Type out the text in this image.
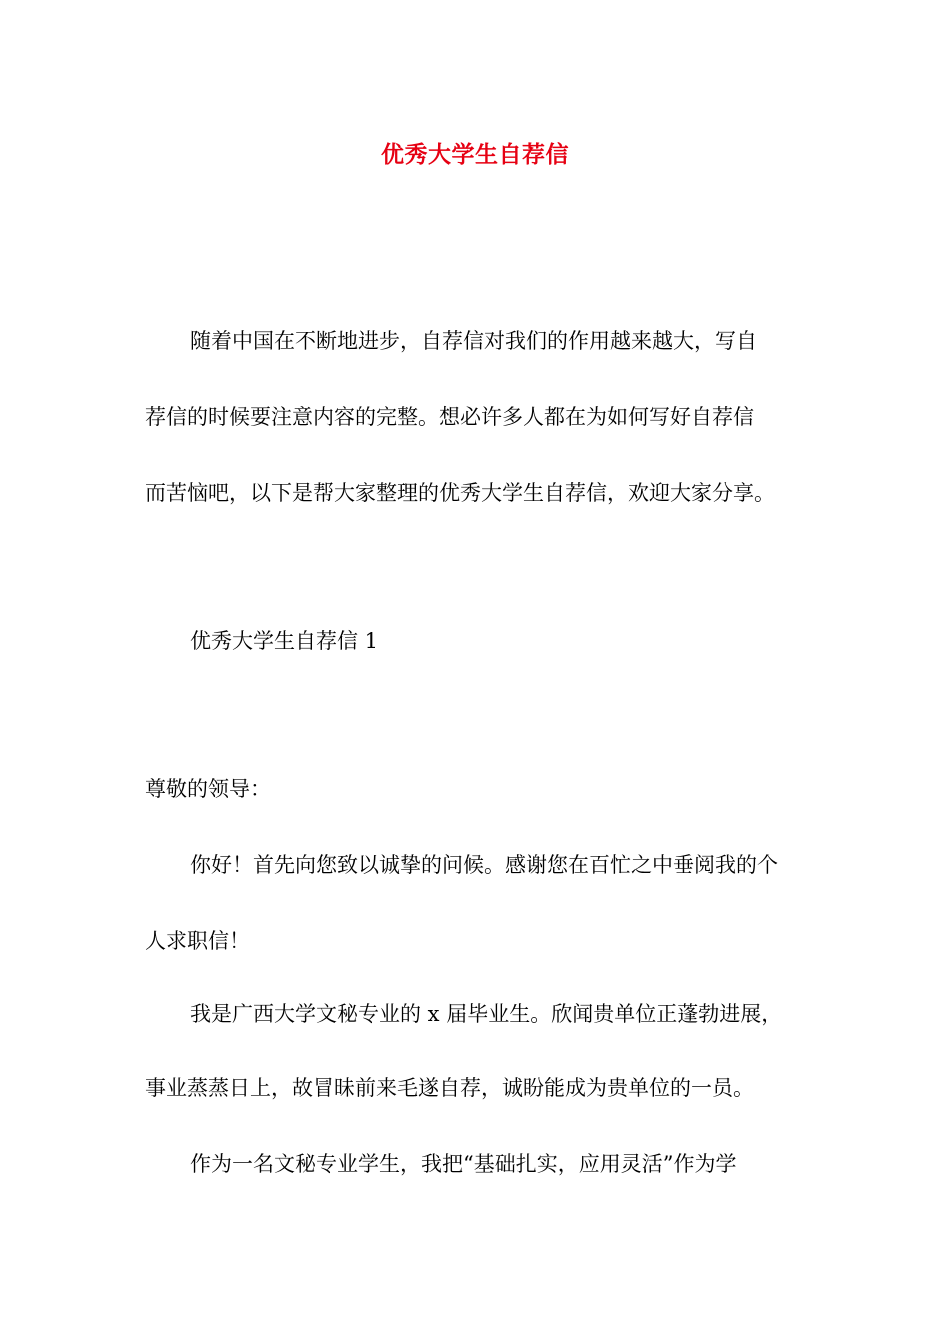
优秀大学生自荐信
随着中国在不断地进步，自荐信对我们的作用越来越大，写自
荐信的时候要注意内容的完整。想必许多人都在为如何写好自荐信
而苦恼吧，以下是帮大家整理的优秀大学生自荐信，欢迎大家分享。
优秀大学生自荐信 1
尊敬的领导：
你好！首先向您致以诚挚的问候。感谢您在百忙之中垂阅我的个
人求职信！
我是广西大学文秘专业的 x 届毕业生。欣闻贵单位正蓬勃进展，
事业蒸蒸日上，故冒昧前来毛遂自荐，诚盼能成为贵单位的一员。
作为一名文秘专业学生，我把“基础扎实，应用灵活”作为学
